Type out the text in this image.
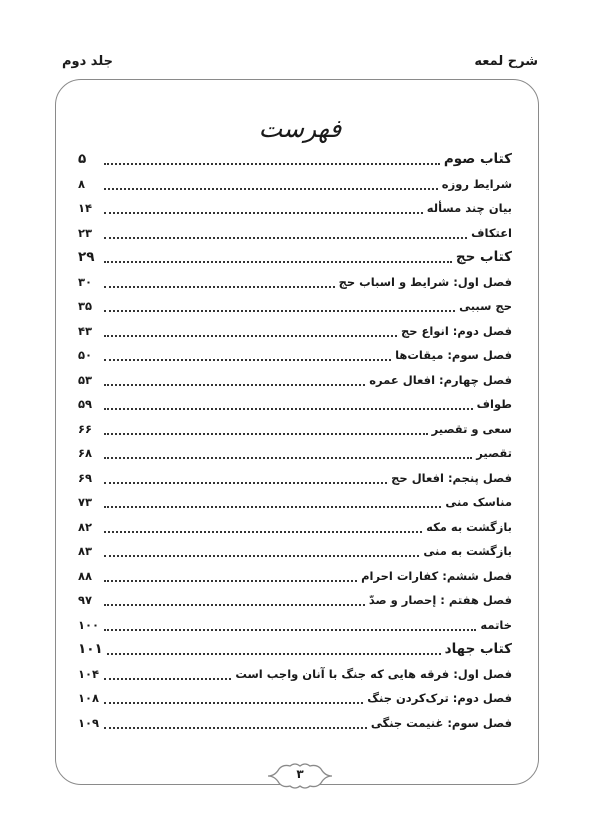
شرح لمعه
جلد دوم
فهرست
کتاب صوم
۵
شرایط روزه
۸
بیان چند مسأله
۱۴
اعتکاف
۲۳
کتاب حج
۲۹
فصل اول: شرایط و اسباب حج
۳۰
حج سببی
۳۵
فصل دوم: انواع حج
۴۳
فصل سوم: میقات‌ها
۵۰
فصل چهارم: افعال عمره
۵۳
طواف
۵۹
سعی و تقصیر
۶۶
تقصیر
۶۸
فصل پنجم: افعال حج
۶۹
مناسک منی
۷۳
بازگشت به مکه
۸۲
بازگشت به منی
۸۳
فصل ششم: کفارات احرام
۸۸
فصل هفتم : إحصار و صدّ
۹۷
خاتمه
۱۰۰
کتاب جهاد
۱۰۱
فصل اول: فرقه هایی که جنگ با آنان واجب است
۱۰۴
فصل دوم: ترک‌کردن جنگ
۱۰۸
فصل سوم: غنیمت جنگی
۱۰۹
۳
